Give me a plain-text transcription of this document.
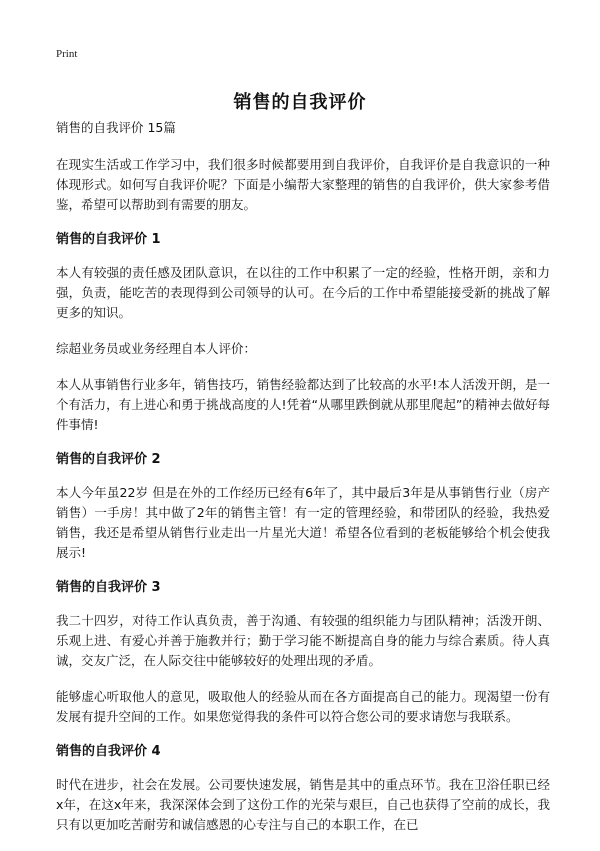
Print
销售的自我评价
销售的自我评价 15篇

在现实生活或工作学习中，我们很多时候都要用到自我评价，自我评价是自我意识的一种体现形式。如何写自我评价呢？下面是小编帮大家整理的销售的自我评价，供大家参考借鉴，希望可以帮助到有需要的朋友。

销售的自我评价 1

本人有较强的责任感及团队意识，在以往的工作中积累了一定的经验，性格开朗，亲和力强，负责，能吃苦的表现得到公司领导的认可。在今后的工作中希望能接受新的挑战了解更多的知识。

综超业务员或业务经理自本人评价：

本人从事销售行业多年，销售技巧，销售经验都达到了比较高的水平!本人活泼开朗，是一个有活力，有上进心和勇于挑战高度的人!凭着“从哪里跌倒就从那里爬起”的精神去做好每件事情!

销售的自我评价 2

本人今年虽22岁 但是在外的工作经历已经有6年了，其中最后3年是从事销售行业（房产销售）一手房！其中做了2年的销售主管！有一定的管理经验，和带团队的经验，我热爱销售，我还是希望从销售行业走出一片星光大道！希望各位看到的老板能够给个机会使我展示!

销售的自我评价 3

我二十四岁，对待工作认真负责，善于沟通、有较强的组织能力与团队精神；活泼开朗、乐观上进、有爱心并善于施教并行；勤于学习能不断提高自身的能力与综合素质。待人真诚，交友广泛，在人际交往中能够较好的处理出现的矛盾。

能够虚心听取他人的意见，吸取他人的经验从而在各方面提高自己的能力。现渴望一份有发展有提升空间的工作。如果您觉得我的条件可以符合您公司的要求请您与我联系。

销售的自我评价 4

时代在进步，社会在发展。公司要快速发展，销售是其中的重点环节。我在卫浴任职已经x年，在这x年来，我深深体会到了这份工作的光荣与艰巨，自己也获得了空前的成长，我只有以更加吃苦耐劳和诚信感恩的心专注与自己的本职工作，在已
